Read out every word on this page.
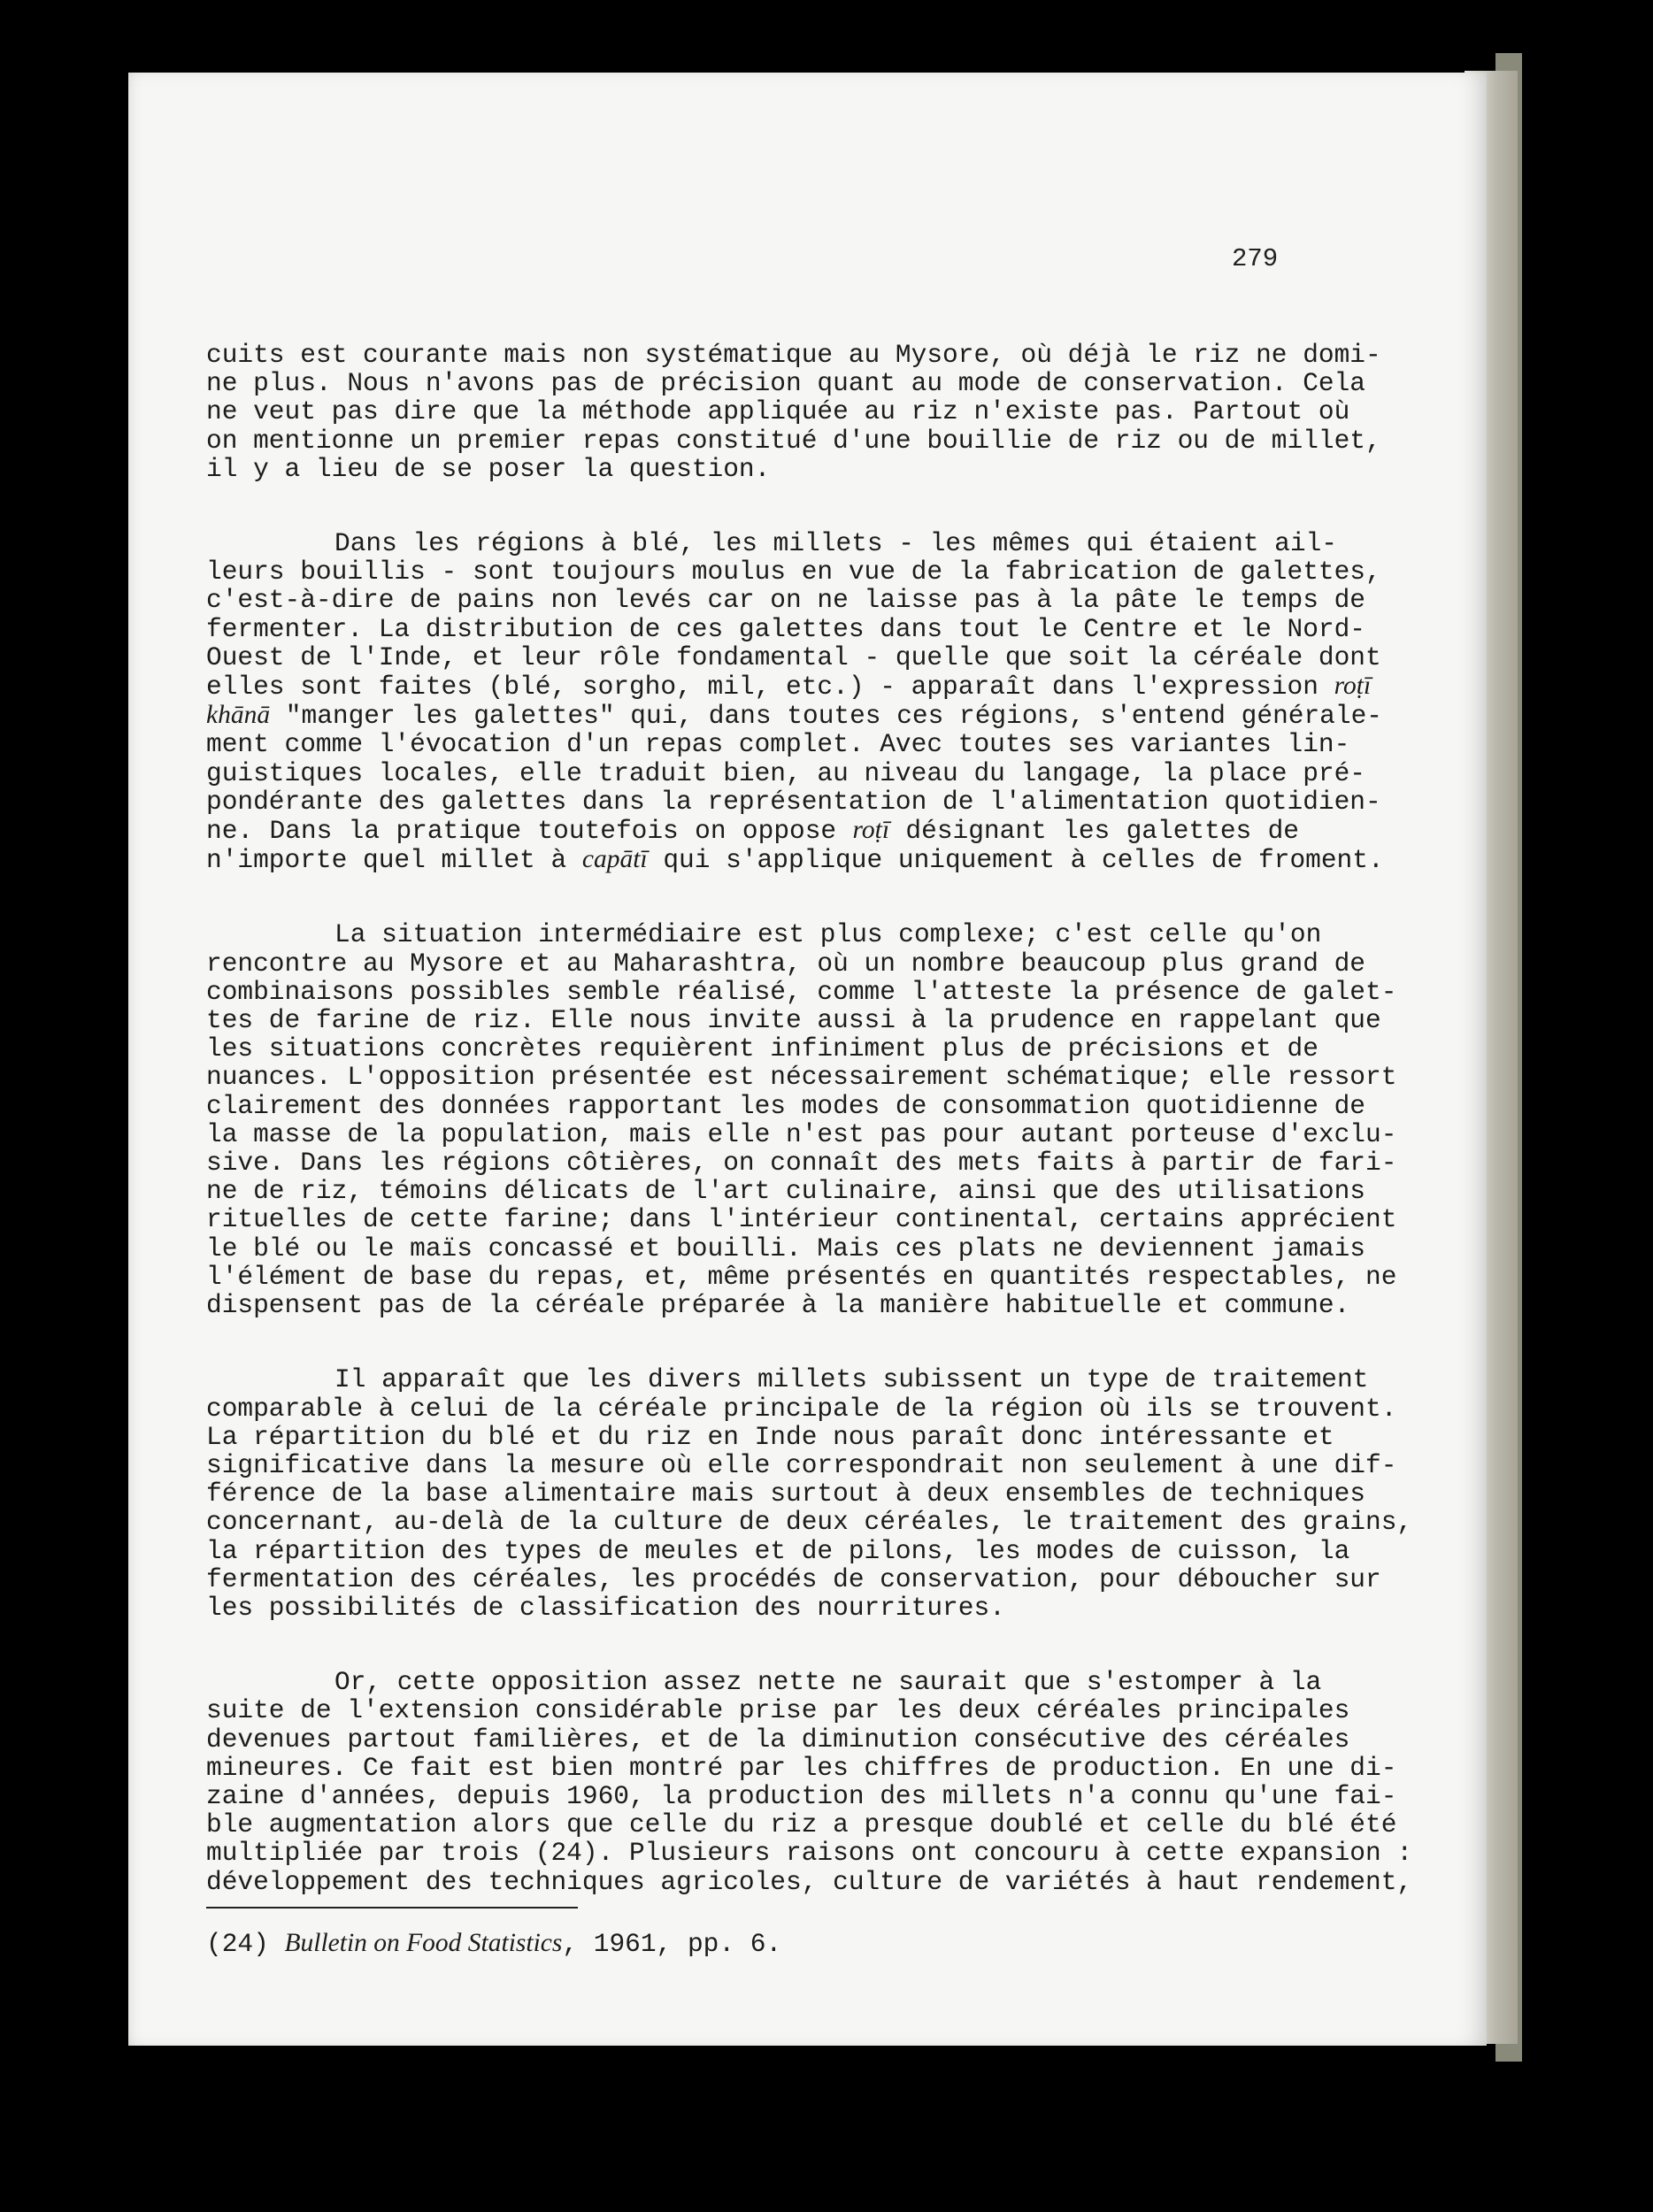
279

cuits est courante mais non systématique au Mysore, où déjà le riz ne domi-
ne plus. Nous n'avons pas de précision quant au mode de conservation. Cela
ne veut pas dire que la méthode appliquée au riz n'existe pas. Partout où
on mentionne un premier repas constitué d'une bouillie de riz ou de millet,
il y a lieu de se poser la question.

Dans les régions à blé, les millets - les mêmes qui étaient ail-
leurs bouillis - sont toujours moulus en vue de la fabrication de galettes,
c'est-à-dire de pains non levés car on ne laisse pas à la pâte le temps de
fermenter. La distribution de ces galettes dans tout le Centre et le Nord-
Ouest de l'Inde, et leur rôle fondamental - quelle que soit la céréale dont
elles sont faites (blé, sorgho, mil, etc.) - apparaît dans l'expression roṭī
khānā "manger les galettes" qui, dans toutes ces régions, s'entend générale-
ment comme l'évocation d'un repas complet. Avec toutes ses variantes lin-
guistiques locales, elle traduit bien, au niveau du langage, la place pré-
pondérante des galettes dans la représentation de l'alimentation quotidien-
ne. Dans la pratique toutefois on oppose roṭī désignant les galettes de
n'importe quel millet à capātī qui s'applique uniquement à celles de froment.

La situation intermédiaire est plus complexe; c'est celle qu'on
rencontre au Mysore et au Maharashtra, où un nombre beaucoup plus grand de
combinaisons possibles semble réalisé, comme l'atteste la présence de galet-
tes de farine de riz. Elle nous invite aussi à la prudence en rappelant que
les situations concrètes requièrent infiniment plus de précisions et de
nuances. L'opposition présentée est nécessairement schématique; elle ressort
clairement des données rapportant les modes de consommation quotidienne de
la masse de la population, mais elle n'est pas pour autant porteuse d'exclu-
sive. Dans les régions côtières, on connaît des mets faits à partir de fari-
ne de riz, témoins délicats de l'art culinaire, ainsi que des utilisations
rituelles de cette farine; dans l'intérieur continental, certains apprécient
le blé ou le maïs concassé et bouilli. Mais ces plats ne deviennent jamais
l'élément de base du repas, et, même présentés en quantités respectables, ne
dispensent pas de la céréale préparée à la manière habituelle et commune.

Il apparaît que les divers millets subissent un type de traitement
comparable à celui de la céréale principale de la région où ils se trouvent.
La répartition du blé et du riz en Inde nous paraît donc intéressante et
significative dans la mesure où elle correspondrait non seulement à une dif-
férence de la base alimentaire mais surtout à deux ensembles de techniques
concernant, au-delà de la culture de deux céréales, le traitement des grains,
la répartition des types de meules et de pilons, les modes de cuisson, la
fermentation des céréales, les procédés de conservation, pour déboucher sur
les possibilités de classification des nourritures.

Or, cette opposition assez nette ne saurait que s'estomper à la
suite de l'extension considérable prise par les deux céréales principales
devenues partout familières, et de la diminution consécutive des céréales
mineures. Ce fait est bien montré par les chiffres de production. En une di-
zaine d'années, depuis 1960, la production des millets n'a connu qu'une fai-
ble augmentation alors que celle du riz a presque doublé et celle du blé été
multipliée par trois (24). Plusieurs raisons ont concouru à cette expansion :
développement des techniques agricoles, culture de variétés à haut rendement,

(24) Bulletin on Food Statistics, 1961, pp. 6.
